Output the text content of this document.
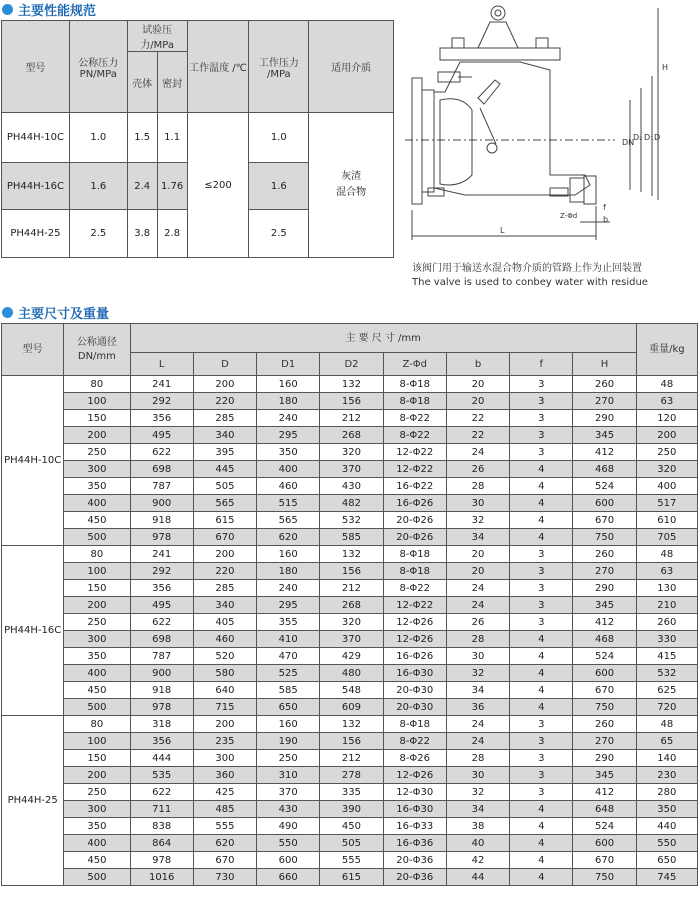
主要性能规范
型号	公称压力 PN/MPa	试验压力/MPa		工作温度 /℃	工作压力 /MPa	适用介质
		壳体	密封			
PH44H-10C	1.0	1.5	1.1	≤200	1.0	灰渣 混合物
PH44H-16C	1.6	2.4	1.76		1.6	
PH44H-25	2.5	3.8	2.8		2.5	
H
DN
D₂ D₁ D
L
f
b
Z-Φd
该阀门用于输送水混合物介质的管路上作为止回装置
The valve is used to conbey water with residue
主要尺寸及重量
型号	公称通径 DN/mm	主 要 尺 寸 /mm								重量/kg
		L	D	D1	D2	Z-Φd	b	f	H	
PH44H-10C	80	241	200	160	132	8-Φ18	20	3	260	48
	100	292	220	180	156	8-Φ18	20	3	270	63
	150	356	285	240	212	8-Φ22	22	3	290	120
	200	495	340	295	268	8-Φ22	22	3	345	200
	250	622	395	350	320	12-Φ22	24	3	412	250
	300	698	445	400	370	12-Φ22	26	4	468	320
	350	787	505	460	430	16-Φ22	28	4	524	400
	400	900	565	515	482	16-Φ26	30	4	600	517
	450	918	615	565	532	20-Φ26	32	4	670	610
	500	978	670	620	585	20-Φ26	34	4	750	705
PH44H-16C	80	241	200	160	132	8-Φ18	20	3	260	48
	100	292	220	180	156	8-Φ18	20	3	270	63
	150	356	285	240	212	8-Φ22	24	3	290	130
	200	495	340	295	268	12-Φ22	24	3	345	210
	250	622	405	355	320	12-Φ26	26	3	412	260
	300	698	460	410	370	12-Φ26	28	4	468	330
	350	787	520	470	429	16-Φ26	30	4	524	415
	400	900	580	525	480	16-Φ30	32	4	600	532
	450	918	640	585	548	20-Φ30	34	4	670	625
	500	978	715	650	609	20-Φ30	36	4	750	720
PH44H-25	80	318	200	160	132	8-Φ18	24	3	260	48
	100	356	235	190	156	8-Φ22	24	3	270	65
	150	444	300	250	212	8-Φ26	28	3	290	140
	200	535	360	310	278	12-Φ26	30	3	345	230
	250	622	425	370	335	12-Φ30	32	3	412	280
	300	711	485	430	390	16-Φ30	34	4	648	350
	350	838	555	490	450	16-Φ33	38	4	524	440
	400	864	620	550	505	16-Φ36	40	4	600	550
	450	978	670	600	555	20-Φ36	42	4	670	650
	500	1016	730	660	615	20-Φ36	44	4	750	745
